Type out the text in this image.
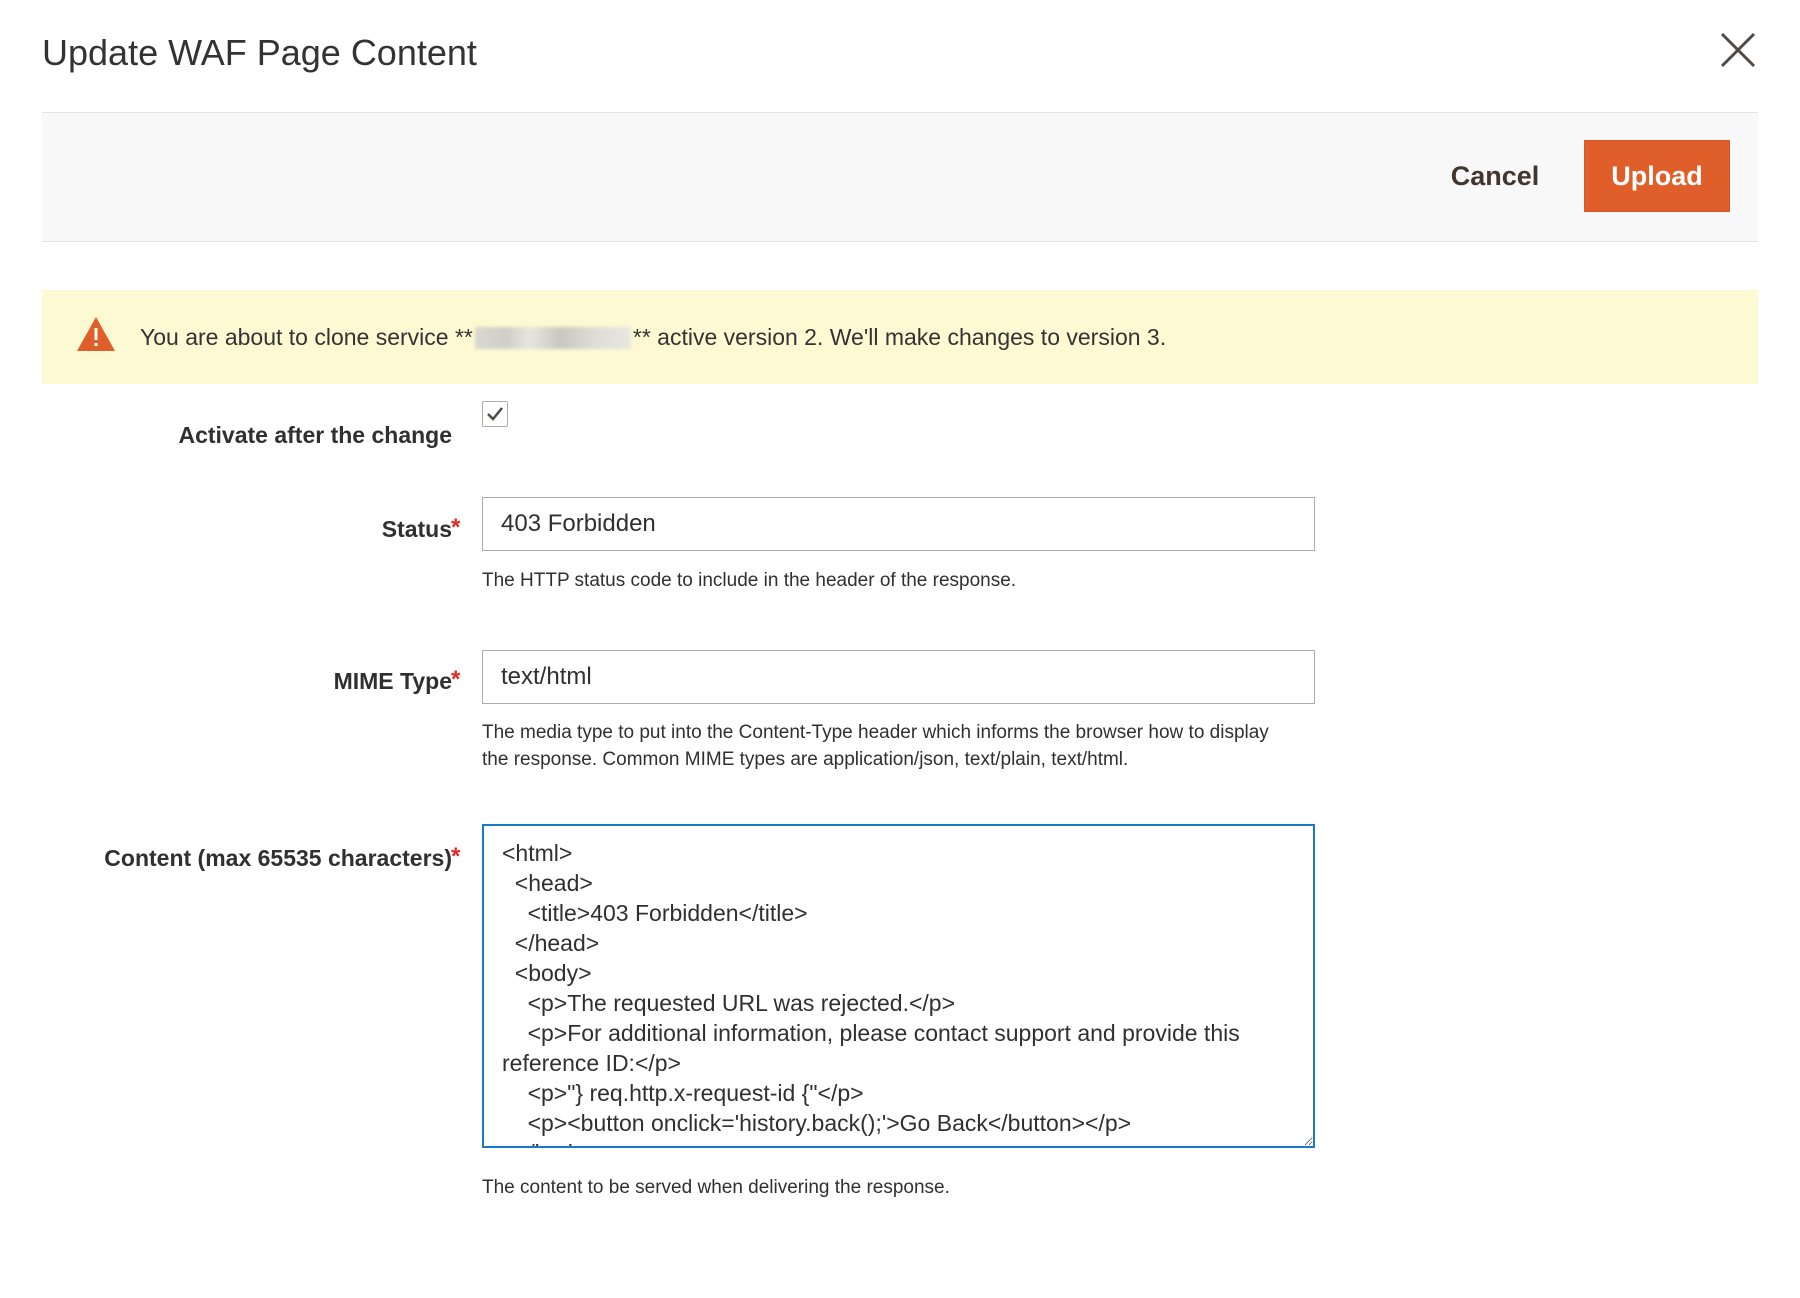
Update WAF Page Content
Cancel	Upload
You are about to clone service **	** active version 2. We'll make changes to version 3.
Activate after the change
Status *
403 Forbidden
The HTTP status code to include in the header of the response.
MIME Type *
text/html
The media type to put into the Content-Type header which informs the browser how to display the response. Common MIME types are application/json, text/plain, text/html.
Content (max 65535 characters) *
<html> <head> <title>403 Forbidden</title> </head> <body> <p>The requested URL was rejected.</p> <p>For additional information, please contact support and provide this reference ID:</p> <p>"} req.http.x-request-id {"</p> <p><button onclick='history.back();'>Go Back</button></p> </body> </html>
The content to be served when delivering the response.
